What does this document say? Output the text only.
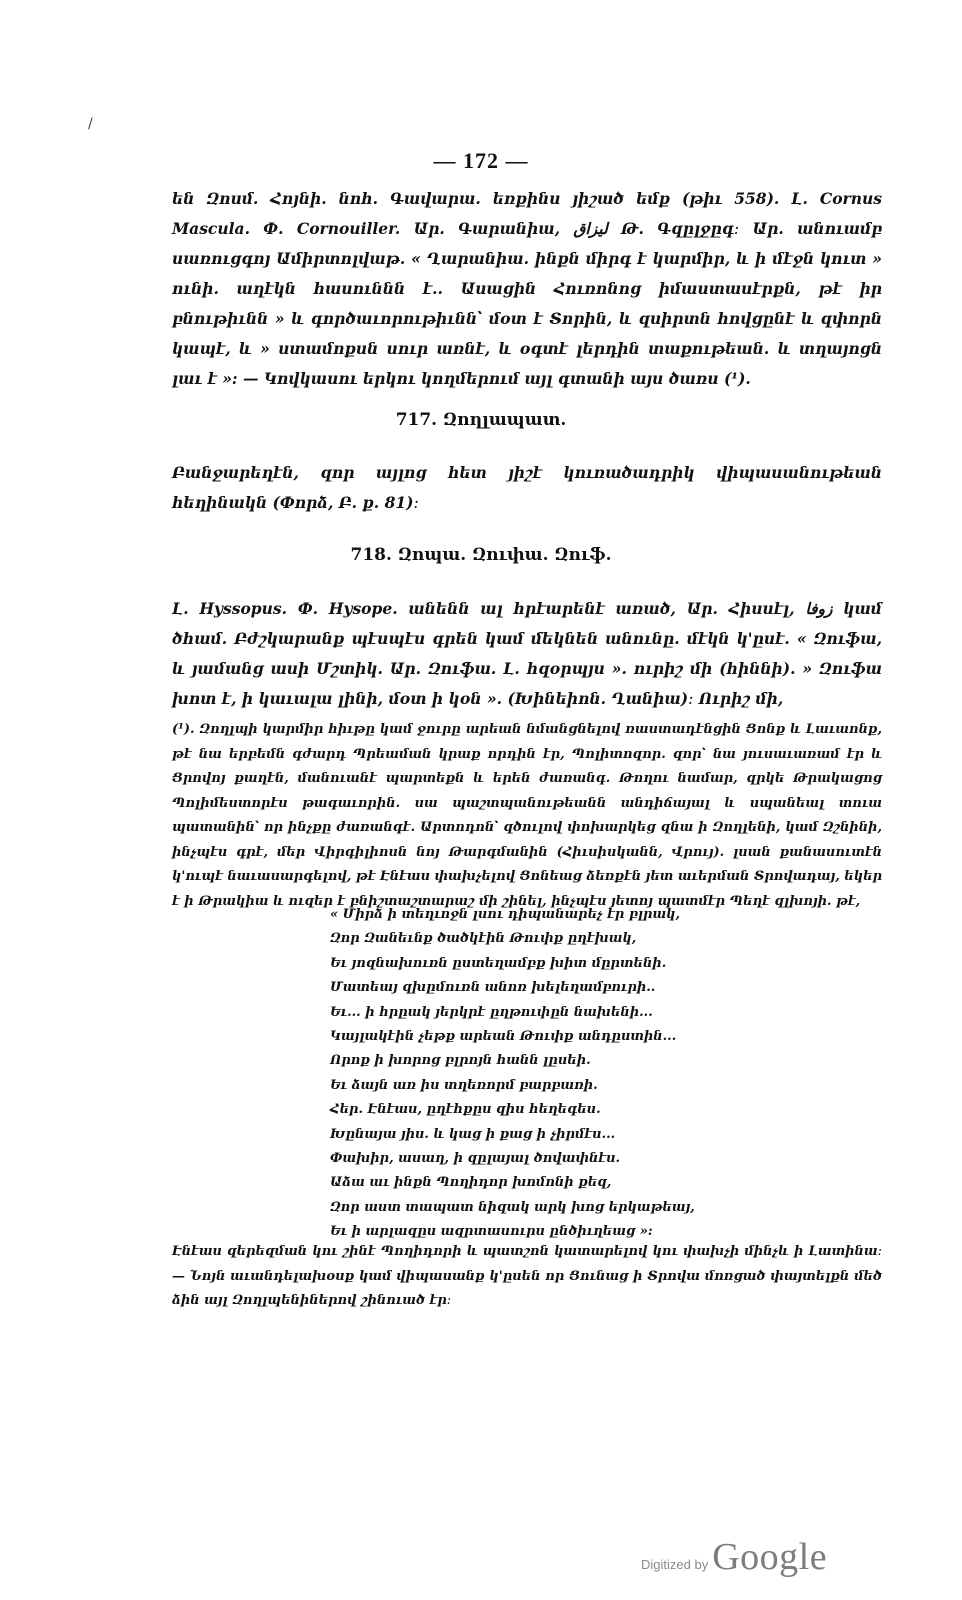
/
— 172 —

են Զոսմ. Հոյնի. նոհ. Գավարա. եռքինս յիշած եմք (թիւ 558). Լ. Cornus Mascula. Փ. Cornouiller. Ար. Գարանիա, لیزاق Թ. Գզըլջըգ։ Ար. անուամբ սառուցգոյ Ամիրտոլվաթ. « Ղարանիա. ինքն միրգ է կարմիր, և ի մէջն կուտ » ունի. աղէկն հասուննն է.. Ասացին Հուռոնոց իմաստասէրքն, թէ իր բնութիւնն » և գործաւորութիւնն՝ մօտ է Տորին, և զսիրտն հովցընէ և զփորն կապէ, և » ստամոքսն սուր առնէ, և օգտէ լերդին տաքութեան. և տղայոցն լաւ է »: — Կովկասու երկու կողմերում այլ գտանի այս ծառս (¹).

717. Զողլապատ.

Բանջարեղէն, զոր այլոց հետ յիշէ կուռածադրիկ վիպասանութեան հեղինակն (Փորձ, Բ. ք. 81)։

718. Զոպա. Զուփա. Զուֆ.

Լ. Hyssopus. Փ. Hysope. անենն ալ հրէարենէ առած, Ար. Հիսսէլ, زوفا կամ ծհամ. Բժշկարանք պէսպէս գրեն կամ մեկնեն անունը. մէկն կ'ըսէ. « Զուֆա, և յամանց ասի Մշտիկ. Ար. Զուֆա. Լ. հզօրպյս ». ուրիշ մի (հիննի). » Զուֆա խոտ է, ի կաւալա լինի, մօտ ի կօն ». (Խինեիոն. Ղանիա)։ Ուրիշ մի,

(¹). Զողլպի կարմիր հիւթը կամ ջուրը արեան նմանցնելով ռաստադէնցին Ցոնք և Լաւաոնք, թէ նա երբեմն գժարդ Պրեաման կրաք որդին էր, Պոլիտոզոր. զոր՝ նա յուսաւառամ էր և Ցրովոյ քաղէն, մանուանէ պարտեքն և երեն ժառանգ. Թողու նամար, զրկե Թրակացոց Պոլիմեստորէս թագաւորին. սա պաշտպանութեանն անդիճայալ և սպանեալ տուա պատանին՝ որ ինչքը ժառանգէ. Արտոդոն՝ զծուլով փոխարկեց զնա ի Զողլենի, կամ Զշնինի, ինչպէս գրէ, մեր Վիրգիլիոսն նոյ Թարգմանին (Հիւսիսկանն, Վրույ). լսան քանասուտէն կ'ուպէ նաւասարգելով, թէ Էնէաս փախչելով Ցոնեաց ձեռքէն յետ աւերման Տրովադայ, եկեր է ի Թրակիա և ուզեր է բնիշտաշտարաշ մի շինել, ինչպէս յետոյ պատմէր Պեղէ զլխոյի. թէ,

« Միրձ ի տեղւոջն լսու դիպանարեչ էր բլրակ,
Զոր Զանեւնք ծածկէին Թուփք ըղէխակ,
Եւ յոզնախուռն ըստեղամբք խիտ մըրտենի.
Մատեայ զխըմուռն անոռ խելեղամբուրի..
Եւ... ի հրըակ յերկրէ ըղթուփըն նախենի...
Կայլակէին չեթք արեան Թուփք անդըստին...
Որոք ի խորոց բլրոյն հանն լըսեի.
Եւ ձայն առ իս տղեռորմ բարբառի.
Հեր. Էնէաս, ըղէհքըս զիս հեղեգես.
Խընայա յիս. և կաց ի քաց ի չիրմէս...
Փախիր, ասաղ, ի զըլայալ ծովափնէս.
Աձա աւ ինքն Պողիդոր խոմոնի քեզ,
Զոր աստ տապատ նիզակ արկ խոց երկաթեայ,
Եւ ի արլազըս ազրտասուրս ընծիւղեաց »:

Էնէաս զերեզման կու շինէ Պողիդորի և պատշոն կատարելով կու փախչի մինչև ի Լատինա։ — Նոյն աւանդելախօսք կամ վիպասանք կ'ըսեն որ Ցունաց ի Տրովա մոռցած փայտելքն մեծ ձին այլ Զողլպենիներով շինուած էր։

Digitized by Google
